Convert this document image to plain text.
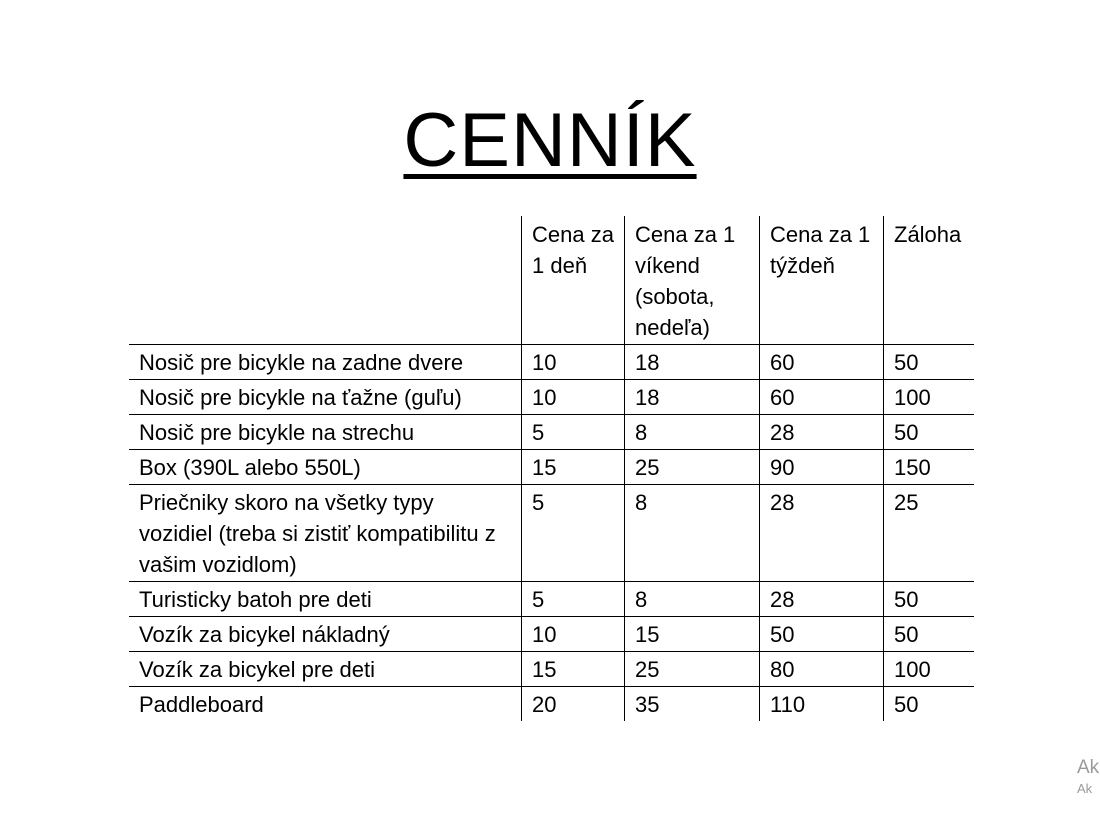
CENNÍK
	Cena za 1 deň	Cena za 1 víkend (sobota, nedeľa)	Cena za 1 týždeň	Záloha
Nosič pre bicykle na zadne dvere	10	18	60	50
Nosič pre bicykle na ťažne (guľu)	10	18	60	100
Nosič pre bicykle na strechu	5	8	28	50
Box (390L alebo 550L)	15	25	90	150
Priečniky skoro na všetky typy vozidiel (treba si zistiť kompatibilitu z vašim vozidlom)	5	8	28	25
Turisticky batoh pre deti	5	8	28	50
Vozík za bicykel nákladný	10	15	50	50
Vozík za bicykel pre deti	15	25	80	100
Paddleboard	20	35	110	50
Ak
Ak
